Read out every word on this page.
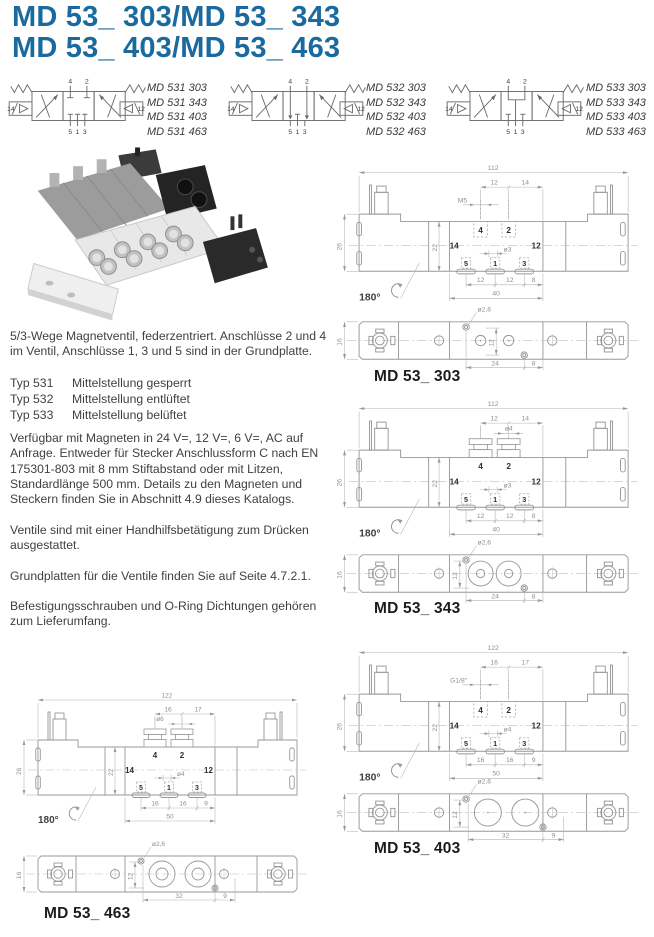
MD 53_ 303/MD 53_ 343
MD 53_ 403/MD 53_ 463
4 2
5 1 3
14	12
MD 531 303
MD 531 343
MD 531 403
MD 531 463
4 2
5 1 3
14	12
MD 532 303
MD 532 343
MD 532 403
MD 532 463
4 2
5 1 3
14	12
MD 533 303
MD 533 343
MD 533 403
MD 533 463

5/3-Wege Magnetventil, federzentriert. Anschlüsse 2 und 4 im Ventil, Anschlüsse 1, 3 und 5 sind in der Grundplatte.

Typ 531 Mittelstellung gesperrt
Typ 532 Mittelstellung entlüftet
Typ 533 Mittelstellung belüftet

Verfügbar mit Magneten in 24 V=, 12 V=, 6 V=, AC auf Anfrage. Entweder für Stecker Anschlussform C nach EN 175301-803 mit 8 mm Stiftabstand oder mit Litzen, Standardlänge 500 mm. Details zu den Magneten und Steckern finden Sie in Abschnitt 4.9 dieses Katalogs.

Ventile sind mit einer Handhilfsbetätigung zum Drücken ausgestattet.

Grundplatten für die Ventile finden Sie auf Seite 4.7.2.1.

Befestigungsschrauben und O-Ring Dichtungen gehören zum Lieferumfang.

112
12	14
M5
ø3
26	22 14	12
4	2
5	1	3
12	12	8
40
180°
ø2,6
16	12
24	8
MD 53_ 303
112
12	14
ø4
ø3
26	22 14	12
4	2
5	1	3
12	12	8
40
180°
ø2,6
16	12
24	8
MD 53_ 343
122
16	17
G1/8"
ø4
26	22 14	12
4	2
5	1	3
16	16	9
50
180°	ø2,6
16	12
32	9
MD 53_ 403
122
16	17
ø6
ø4
26	22 14	12
4	2
5	1	3
16	16	9
50
180°
ø2,6
16	12
32	9
MD 53_ 463
